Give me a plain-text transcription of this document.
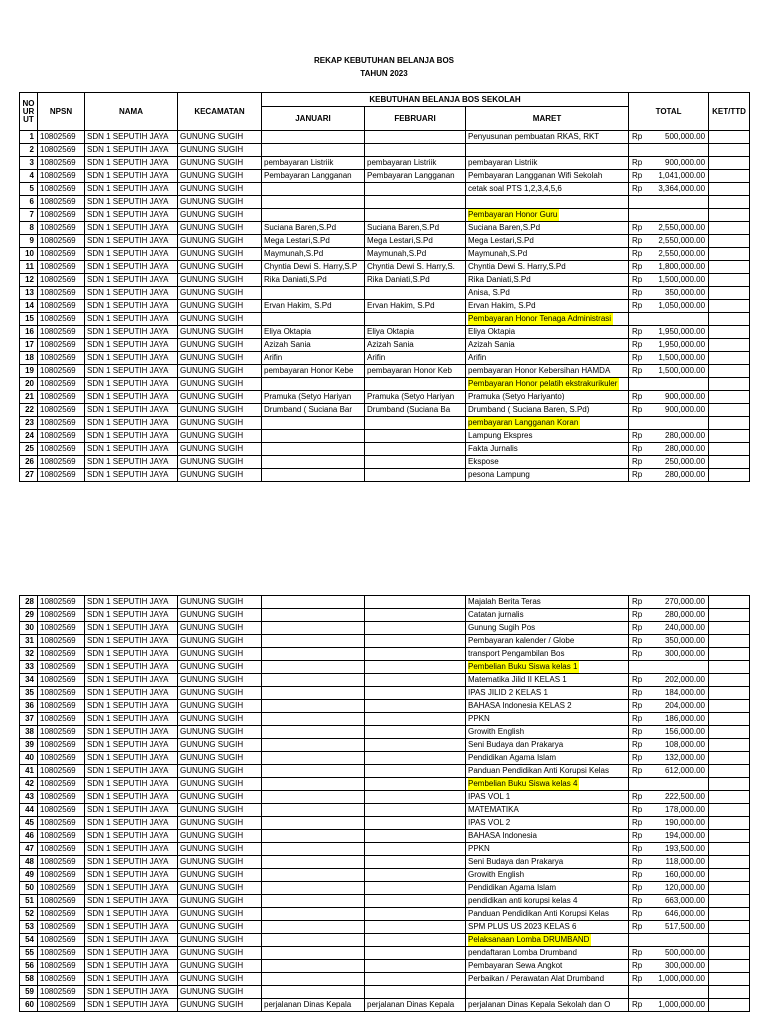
REKAP KEBUTUHAN BELANJA BOS
TAHUN 2023
NO UR UT	NPSN	NAMA	KECAMATAN	KEBUTUHAN BELANJA BOS SEKOLAH			TOTAL		KET/TTD
				JANUARI	FEBRUARI	MARET			
1	10802569	SDN 1 SEPUTIH JAYA	GUNUNG SUGIH			Penyusunan pembuatan RKAS, RKT	Rp	500,000.00	
2	10802569	SDN 1 SEPUTIH JAYA	GUNUNG SUGIH						
3	10802569	SDN 1 SEPUTIH JAYA	GUNUNG SUGIH	pembayaran Listriik	pembayaran Listriik	pembayaran Listriik	Rp	900,000.00	
4	10802569	SDN 1 SEPUTIH JAYA	GUNUNG SUGIH	Pembayaran Langganan	Pembayaran Langganan	Pembayaran Langganan Wifi Sekolah	Rp	1,041,000.00	
5	10802569	SDN 1 SEPUTIH JAYA	GUNUNG SUGIH			cetak soal PTS 1,2,3,4,5,6	Rp	3,364,000.00	
6	10802569	SDN 1 SEPUTIH JAYA	GUNUNG SUGIH						
7	10802569	SDN 1 SEPUTIH JAYA	GUNUNG SUGIH			Pembayaran Honor Guru			
8	10802569	SDN 1 SEPUTIH JAYA	GUNUNG SUGIH	Suciana Baren,S.Pd	Suciana Baren,S.Pd	Suciana Baren,S.Pd	Rp	2,550,000.00	
9	10802569	SDN 1 SEPUTIH JAYA	GUNUNG SUGIH	Mega Lestari,S.Pd	Mega Lestari,S.Pd	Mega Lestari,S.Pd	Rp	2,550,000.00	
10	10802569	SDN 1 SEPUTIH JAYA	GUNUNG SUGIH	Maymunah,S.Pd	Maymunah,S.Pd	Maymunah,S.Pd	Rp	2,550,000.00	
11	10802569	SDN 1 SEPUTIH JAYA	GUNUNG SUGIH	Chyntia Dewi S. Harry,S.P	Chyntia Dewi S. Harry,S.	Chyntia Dewi S. Harry,S.Pd	Rp	1,800,000.00	
12	10802569	SDN 1 SEPUTIH JAYA	GUNUNG SUGIH	Rika Daniati,S.Pd	Rika Daniati,S.Pd	Rika Daniati,S.Pd	Rp	1,500,000.00	
13	10802569	SDN 1 SEPUTIH JAYA	GUNUNG SUGIH			Anisa, S.Pd	Rp	350,000.00	
14	10802569	SDN 1 SEPUTIH JAYA	GUNUNG SUGIH	Ervan Hakim, S.Pd	Ervan Hakim, S.Pd	Ervan Hakim, S.Pd	Rp	1,050,000.00	
15	10802569	SDN 1 SEPUTIH JAYA	GUNUNG SUGIH			Pembayaran Honor Tenaga Administrasi			
16	10802569	SDN 1 SEPUTIH JAYA	GUNUNG SUGIH	Eliya Oktapia	Eliya Oktapia	Eliya Oktapia	Rp	1,950,000.00	
17	10802569	SDN 1 SEPUTIH JAYA	GUNUNG SUGIH	Azizah Sania	Azizah Sania	Azizah Sania	Rp	1,950,000.00	
18	10802569	SDN 1 SEPUTIH JAYA	GUNUNG SUGIH	Arifin	Arifin	Arifin	Rp	1,500,000.00	
19	10802569	SDN 1 SEPUTIH JAYA	GUNUNG SUGIH	pembayaran Honor Kebe	pembayaran Honor Keb	pembayaran Honor Kebersihan HAMDA	Rp	1,500,000.00	
20	10802569	SDN 1 SEPUTIH JAYA	GUNUNG SUGIH			Pembayaran Honor pelatih ekstrakurikuler			
21	10802569	SDN 1 SEPUTIH JAYA	GUNUNG SUGIH	Pramuka (Setyo Hariyan	Pramuka (Setyo Hariyan	Pramuka (Setyo Hariyanto)	Rp	900,000.00	
22	10802569	SDN 1 SEPUTIH JAYA	GUNUNG SUGIH	Drumband ( Suciana Bar	Drumband (Suciana Ba	Drumband ( Suciana Baren, S.Pd)	Rp	900,000.00	
23	10802569	SDN 1 SEPUTIH JAYA	GUNUNG SUGIH			pembayaran Langganan Koran			
24	10802569	SDN 1 SEPUTIH JAYA	GUNUNG SUGIH			Lampung Ekspres	Rp	280,000.00	
25	10802569	SDN 1 SEPUTIH JAYA	GUNUNG SUGIH			Fakta Jurnalis	Rp	280,000.00	
26	10802569	SDN 1 SEPUTIH JAYA	GUNUNG SUGIH			Ekspose	Rp	250,000.00	
27	10802569	SDN 1 SEPUTIH JAYA	GUNUNG SUGIH			pesona Lampung	Rp	280,000.00	
28	10802569	SDN 1 SEPUTIH JAYA	GUNUNG SUGIH			Majalah Berita Teras	Rp	270,000.00	
29	10802569	SDN 1 SEPUTIH JAYA	GUNUNG SUGIH			Catatan jurnalis	Rp	280,000.00	
30	10802569	SDN 1 SEPUTIH JAYA	GUNUNG SUGIH			Gunung Sugih Pos	Rp	240,000.00	
31	10802569	SDN 1 SEPUTIH JAYA	GUNUNG SUGIH			Pembayaran kalender / Globe	Rp	350,000.00	
32	10802569	SDN 1 SEPUTIH JAYA	GUNUNG SUGIH			transport Pengambilan Bos	Rp	300,000.00	
33	10802569	SDN 1 SEPUTIH JAYA	GUNUNG SUGIH			Pembelian Buku Siswa kelas 1			
34	10802569	SDN 1 SEPUTIH JAYA	GUNUNG SUGIH			Matematika Jilid II KELAS 1	Rp	202,000.00	
35	10802569	SDN 1 SEPUTIH JAYA	GUNUNG SUGIH			IPAS JILID 2 KELAS 1	Rp	184,000.00	
36	10802569	SDN 1 SEPUTIH JAYA	GUNUNG SUGIH			BAHASA Indonesia KELAS 2	Rp	204,000.00	
37	10802569	SDN 1 SEPUTIH JAYA	GUNUNG SUGIH			PPKN	Rp	186,000.00	
38	10802569	SDN 1 SEPUTIH JAYA	GUNUNG SUGIH			Growith English	Rp	156,000.00	
39	10802569	SDN 1 SEPUTIH JAYA	GUNUNG SUGIH			Seni Budaya dan Prakarya	Rp	108,000.00	
40	10802569	SDN 1 SEPUTIH JAYA	GUNUNG SUGIH			Pendidikan Agama Islam	Rp	132,000.00	
41	10802569	SDN 1 SEPUTIH JAYA	GUNUNG SUGIH			Panduan Pendidikan Anti Korupsi Kelas	Rp	612,000.00	
42	10802569	SDN 1 SEPUTIH JAYA	GUNUNG SUGIH			Pembelian Buku Siswa kelas 4			
43	10802569	SDN 1 SEPUTIH JAYA	GUNUNG SUGIH			IPAS VOL 1	Rp	222,500.00	
44	10802569	SDN 1 SEPUTIH JAYA	GUNUNG SUGIH			MATEMATIKA	Rp	178,000.00	
45	10802569	SDN 1 SEPUTIH JAYA	GUNUNG SUGIH			IPAS VOL 2	Rp	190,000.00	
46	10802569	SDN 1 SEPUTIH JAYA	GUNUNG SUGIH			BAHASA Indonesia	Rp	194,000.00	
47	10802569	SDN 1 SEPUTIH JAYA	GUNUNG SUGIH			PPKN	Rp	193,500.00	
48	10802569	SDN 1 SEPUTIH JAYA	GUNUNG SUGIH			Seni Budaya dan Prakarya	Rp	118,000.00	
49	10802569	SDN 1 SEPUTIH JAYA	GUNUNG SUGIH			Growith English	Rp	160,000.00	
50	10802569	SDN 1 SEPUTIH JAYA	GUNUNG SUGIH			Pendidikan Agama Islam	Rp	120,000.00	
51	10802569	SDN 1 SEPUTIH JAYA	GUNUNG SUGIH			pendidikan anti korupsi kelas 4	Rp	663,000.00	
52	10802569	SDN 1 SEPUTIH JAYA	GUNUNG SUGIH			Panduan Pendidikan Anti Korupsi Kelas	Rp	646,000.00	
53	10802569	SDN 1 SEPUTIH JAYA	GUNUNG SUGIH			SPM PLUS US 2023 KELAS 6	Rp	517,500.00	
54	10802569	SDN 1 SEPUTIH JAYA	GUNUNG SUGIH			Pelaksanaan Lomba DRUMBAND			
55	10802569	SDN 1 SEPUTIH JAYA	GUNUNG SUGIH			pendaftaran Lomba Drumband	Rp	500,000.00	
56	10802569	SDN 1 SEPUTIH JAYA	GUNUNG SUGIH			Pembayaran Sewa Angkot	Rp	300,000.00	
58	10802569	SDN 1 SEPUTIH JAYA	GUNUNG SUGIH			Perbaikan / Perawatan Alat Drumband	Rp	1,000,000.00	
59	10802569	SDN 1 SEPUTIH JAYA	GUNUNG SUGIH						
60	10802569	SDN 1 SEPUTIH JAYA	GUNUNG SUGIH	perjalanan Dinas Kepala	perjalanan Dinas Kepala	perjalanan Dinas Kepala Sekolah dan O	Rp	1,000,000.00	
